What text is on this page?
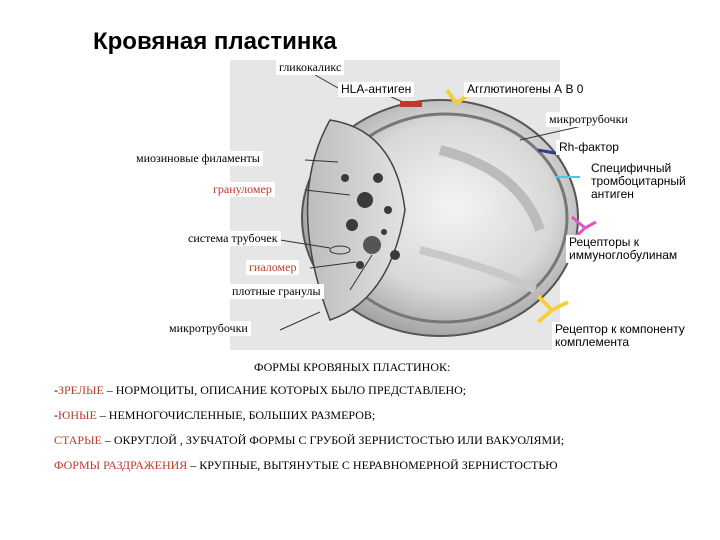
Кровяная пластинка
гликокаликс
HLA-антиген	Агглютиногены А В 0
микротрубочки
Rh-фактор
миозиновые филаменты
Специфичный тромбоцитарный антиген
грануломер
система трубочек	Рецепторы к иммуноглобулинам
гиаломер
плотные гранулы
микротрубочки	Рецептор к компоненту комплемента
ФОРМЫ КРОВЯНЫХ ПЛАСТИНОК:

-ЗРЕЛЫЕ – НОРМОЦИТЫ, ОПИСАНИЕ КОТОРЫХ БЫЛО ПРЕДСТАВЛЕНО;

-ЮНЫЕ – НЕМНОГОЧИСЛЕННЫЕ, БОЛЬШИХ РАЗМЕРОВ;

СТАРЫЕ – ОКРУГЛОЙ , ЗУБЧАТОЙ ФОРМЫ С ГРУБОЙ ЗЕРНИСТОСТЬЮ ИЛИ ВАКУОЛЯМИ;

ФОРМЫ РАЗДРАЖЕНИЯ – КРУПНЫЕ, ВЫТЯНУТЫЕ С НЕРАВНОМЕРНОЙ ЗЕРНИСТОСТЬЮ
